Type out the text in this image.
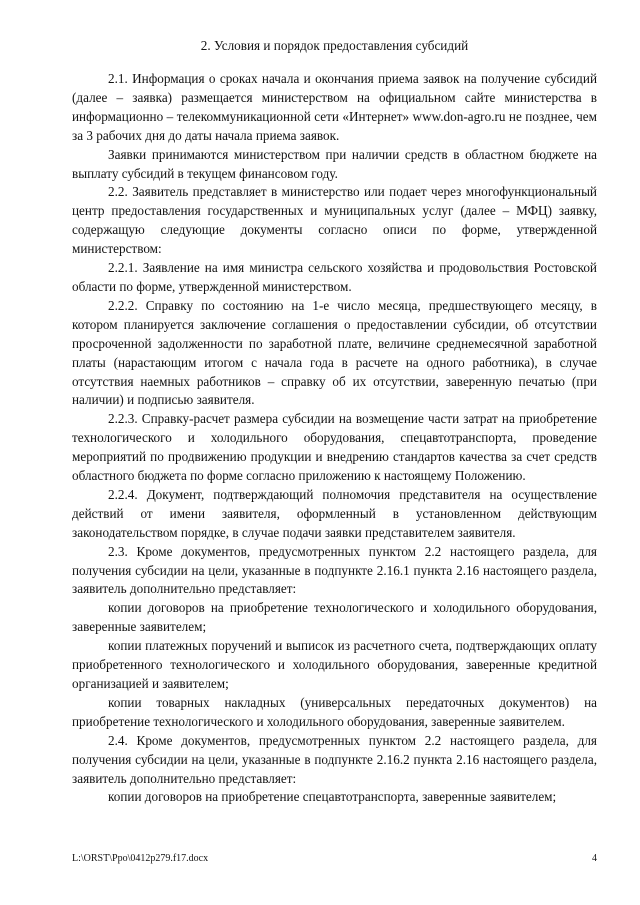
2. Условия и порядок предоставления субсидий

2.1. Информация о сроках начала и окончания приема заявок на получение субсидий (далее – заявка) размещается министерством на официальном сайте министерства в информационно – телекоммуникационной сети «Интернет» www.don-agro.ru не позднее, чем за 3 рабочих дня до даты начала приема заявок.

Заявки принимаются министерством при наличии средств в областном бюджете на выплату субсидий в текущем финансовом году.

2.2. Заявитель представляет в министерство или подает через многофункциональный центр предоставления государственных и муниципальных услуг (далее – МФЦ) заявку, содержащую следующие документы согласно описи по форме, утвержденной министерством:

2.2.1. Заявление на имя министра сельского хозяйства и продовольствия Ростовской области по форме, утвержденной министерством.

2.2.2. Справку по состоянию на 1-е число месяца, предшествующего месяцу, в котором планируется заключение соглашения о предоставлении субсидии, об отсутствии просроченной задолженности по заработной плате, величине среднемесячной заработной платы (нарастающим итогом с начала года в расчете на одного работника), в случае отсутствия наемных работников – справку об их отсутствии, заверенную печатью (при наличии) и подписью заявителя.

2.2.3. Справку-расчет размера субсидии на возмещение части затрат на приобретение технологического и холодильного оборудования, спецавтотранспорта, проведение мероприятий по продвижению продукции и внедрению стандартов качества за счет средств областного бюджета по форме согласно приложению к настоящему Положению.

2.2.4. Документ, подтверждающий полномочия представителя на осуществление действий от имени заявителя, оформленный в установленном действующим законодательством порядке, в случае подачи заявки представителем заявителя.

2.3. Кроме документов, предусмотренных пунктом 2.2 настоящего раздела, для получения субсидии на цели, указанные в подпункте 2.16.1 пункта 2.16 настоящего раздела, заявитель дополнительно представляет:

копии договоров на приобретение технологического и холодильного оборудования, заверенные заявителем;

копии платежных поручений и выписок из расчетного счета, подтверждающих оплату приобретенного технологического и холодильного оборудования, заверенные кредитной организацией и заявителем;

копии товарных накладных (универсальных передаточных документов) на приобретение технологического и холодильного оборудования, заверенные заявителем.

2.4. Кроме документов, предусмотренных пунктом 2.2 настоящего раздела, для получения субсидии на цели, указанные в подпункте 2.16.2 пункта 2.16 настоящего раздела, заявитель дополнительно представляет:

копии договоров на приобретение спецавтотранспорта, заверенные заявителем;

L:\ORST\Ppo\0412p279.f17.docx	4
